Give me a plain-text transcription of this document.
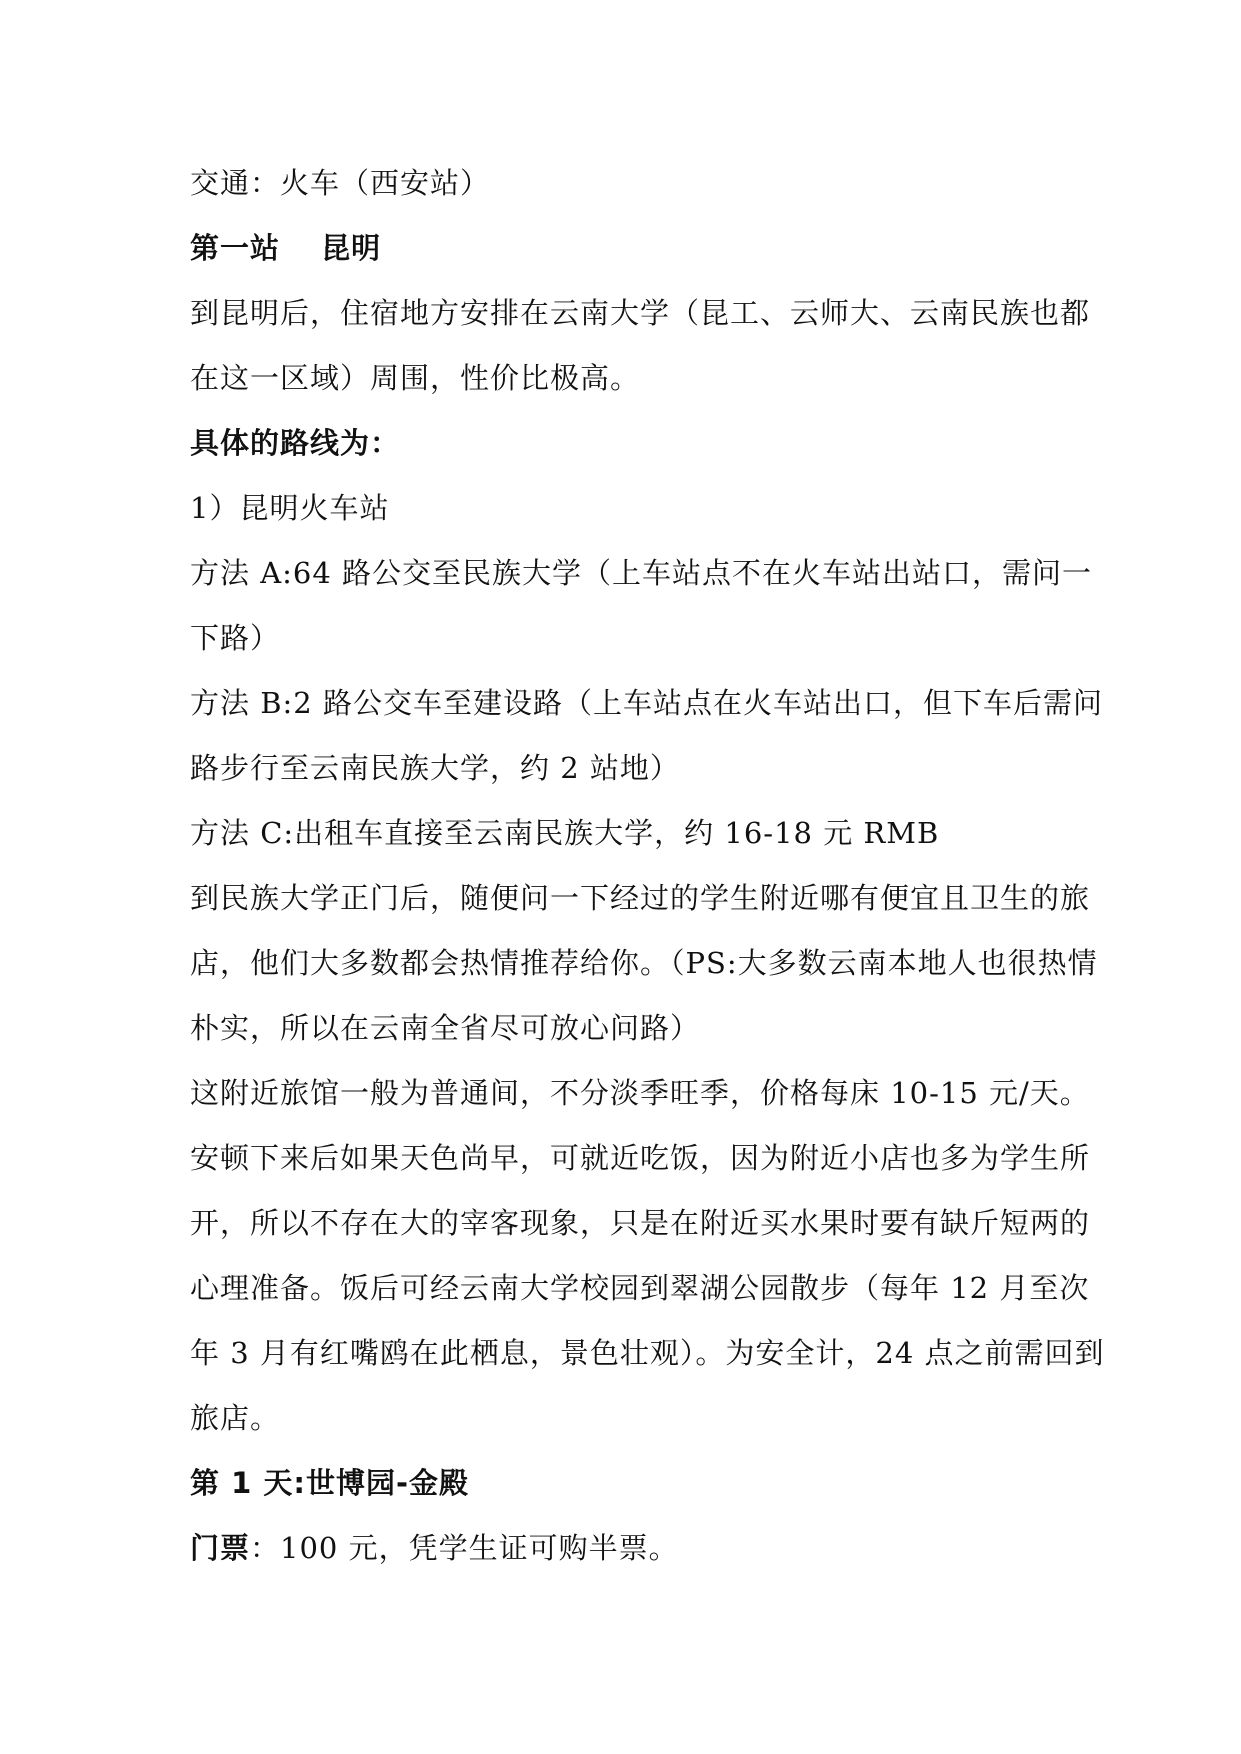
交通：火车（西安站）
第一站　 昆明
到昆明后，住宿地方安排在云南大学（昆工、云师大、云南民族也都
在这一区域）周围，性价比极高。
具体的路线为：
1）昆明火车站
方法 A:64 路公交至民族大学（上车站点不在火车站出站口，需问一
下路）
方法 B:2 路公交车至建设路（上车站点在火车站出口，但下车后需问
路步行至云南民族大学，约 2 站地）
方法 C:出租车直接至云南民族大学，约 16-18 元 RMB
到民族大学正门后，随便问一下经过的学生附近哪有便宜且卫生的旅
店，他们大多数都会热情推荐给你。（PS:大多数云南本地人也很热情
朴实，所以在云南全省尽可放心问路）
这附近旅馆一般为普通间，不分淡季旺季，价格每床 10-15 元/天。
安顿下来后如果天色尚早，可就近吃饭，因为附近小店也多为学生所
开，所以不存在大的宰客现象，只是在附近买水果时要有缺斤短两的
心理准备。饭后可经云南大学校园到翠湖公园散步（每年 12 月至次
年 3 月有红嘴鸥在此栖息，景色壮观）。为安全计，24 点之前需回到
旅店。
第 1 天:世博园-金殿
门票：100 元，凭学生证可购半票。
